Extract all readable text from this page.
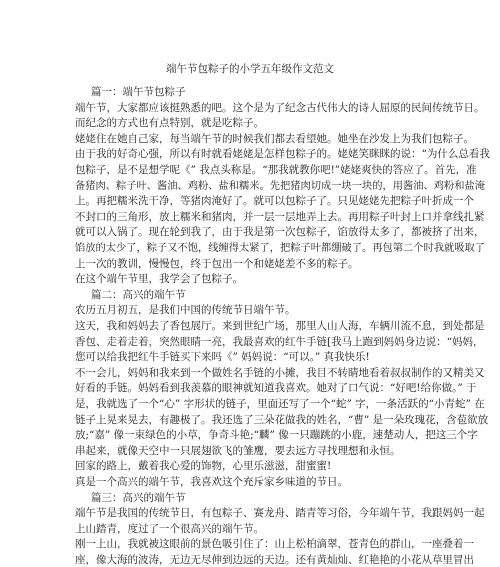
端午节包粽子的小学五年级作文范文
篇一：端午节包粽子
端午节，大家都应该挺熟悉的吧。这个是为了纪念古代伟大的诗人屈原的民间传统节日。
而纪念的方式也有点特别，就是吃粽子。
姥姥住在她自己家，每当端午节的时候我们都去看望她。她坐在沙发上为我们包粽子。
由于我的好奇心强，所以有时就看姥姥是怎样包粽子的。姥姥笑眯眯的说：“为什么总看我
包粽子，是不是想学呢《” 我点头称是。“那我就教你吧!”姥姥爽快的答应了。首先，准
备猪肉、粽子叶、酱油、鸡粉、盐和糯米。先把猪肉切成一块一块的，用酱油、鸡粉和盐淹
上。再把糯米洗干净，等猪肉淹好了。就可以包粽子了。只见姥姥先把粽子叶折成一个
不封口的三角形，放上糯米和猪肉，并一层一层地弄上去。再用粽子叶封上口并拿线扎紧
就可以入锅了。现在轮到我了，由于我是第一次包粽子，馅放得太多了，都被挤了出来，
馅放的太少了，粽子又不饱，线缠得太紧了，把粽子叶都绷破了。再包第二个时我就吸取了
上一次的教训，慢慢包，终于包出一个和姥姥差不多的粽子。
在这个端午节里，我学会了包粽子。
篇二：高兴的端午节
农历五月初五，是我们中国的传统节日端午节。
这天，我和妈妈去了香包展厅。来到世纪广场，那里人山人海，车辆川流不息，到处都是
香包、走着走着，突然眼睛一亮，我最喜欢的红牛手链[我马上跑到妈妈身边说：“妈妈，
您可以给我把红牛手链买下来吗《” 妈妈说：“可以。” 真我快乐!
不一会儿，妈妈和我来到一个做姓名手链的小摊，我目不转睛地看着叔叔制作的又精美又
好看的手链。妈妈看到我羡慕的眼神就知道我喜欢。她对了口气说：“好吧!给你做。” 于
是，我就选了一个“心” 字形状的链子，里面还写了一个“蛇” 字，一条活跃的“小青蛇” 在
链子上晃来晃去，有趣极了。我还选了三朵花做我的姓名，“曹” 是一朵玫瑰花，含苞欲放
放;“嘉” 像一束绿色的小草，争奇斗艳;“麟” 像一只蹦跳的小鹿，速楚动人，把这三个字
串起来，就像天空中一只展翅欲飞的雏鹰，要去远方寻找理想和永恒。
回家的路上，戴着我心爱的饰物，心里乐滋滋，甜蜜蜜!
真是一个高兴的端午节，我喜欢这个充斥家乡味道的节日。
篇三：高兴的端午节
端午节是我国的传统节日，有包粽子、赛龙舟、踏青等习俗，今年端午节，我跟妈妈一起
上山踏青，度过了一个很高兴的端午节。
刚一上山，我就被这眼前的景色吸引住了：山上松柏滴翠，苍青色的群山，一座叠着一
座，像大海的波涛，无边无尽伸到边远的天边。还有黄灿灿、红艳艳的小花从草里冒出
